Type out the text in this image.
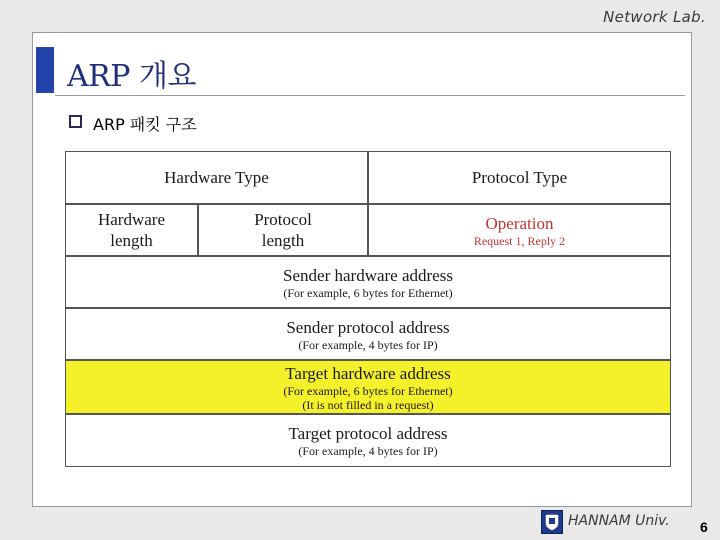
Network Lab.
ARP 개요
ARP 패킷 구조
Hardware Type	Protocol Type
Hardware
length
Protocol
length
Operation
Request 1, Reply 2
Sender hardware address
(For example, 6 bytes for Ethernet)
Sender protocol address
(For example, 4 bytes for IP)
Target hardware address
(For example, 6 bytes for Ethernet)
(It is not filled in a request)
Target protocol address
(For example, 4 bytes for IP)
HANNAM Univ. 6
